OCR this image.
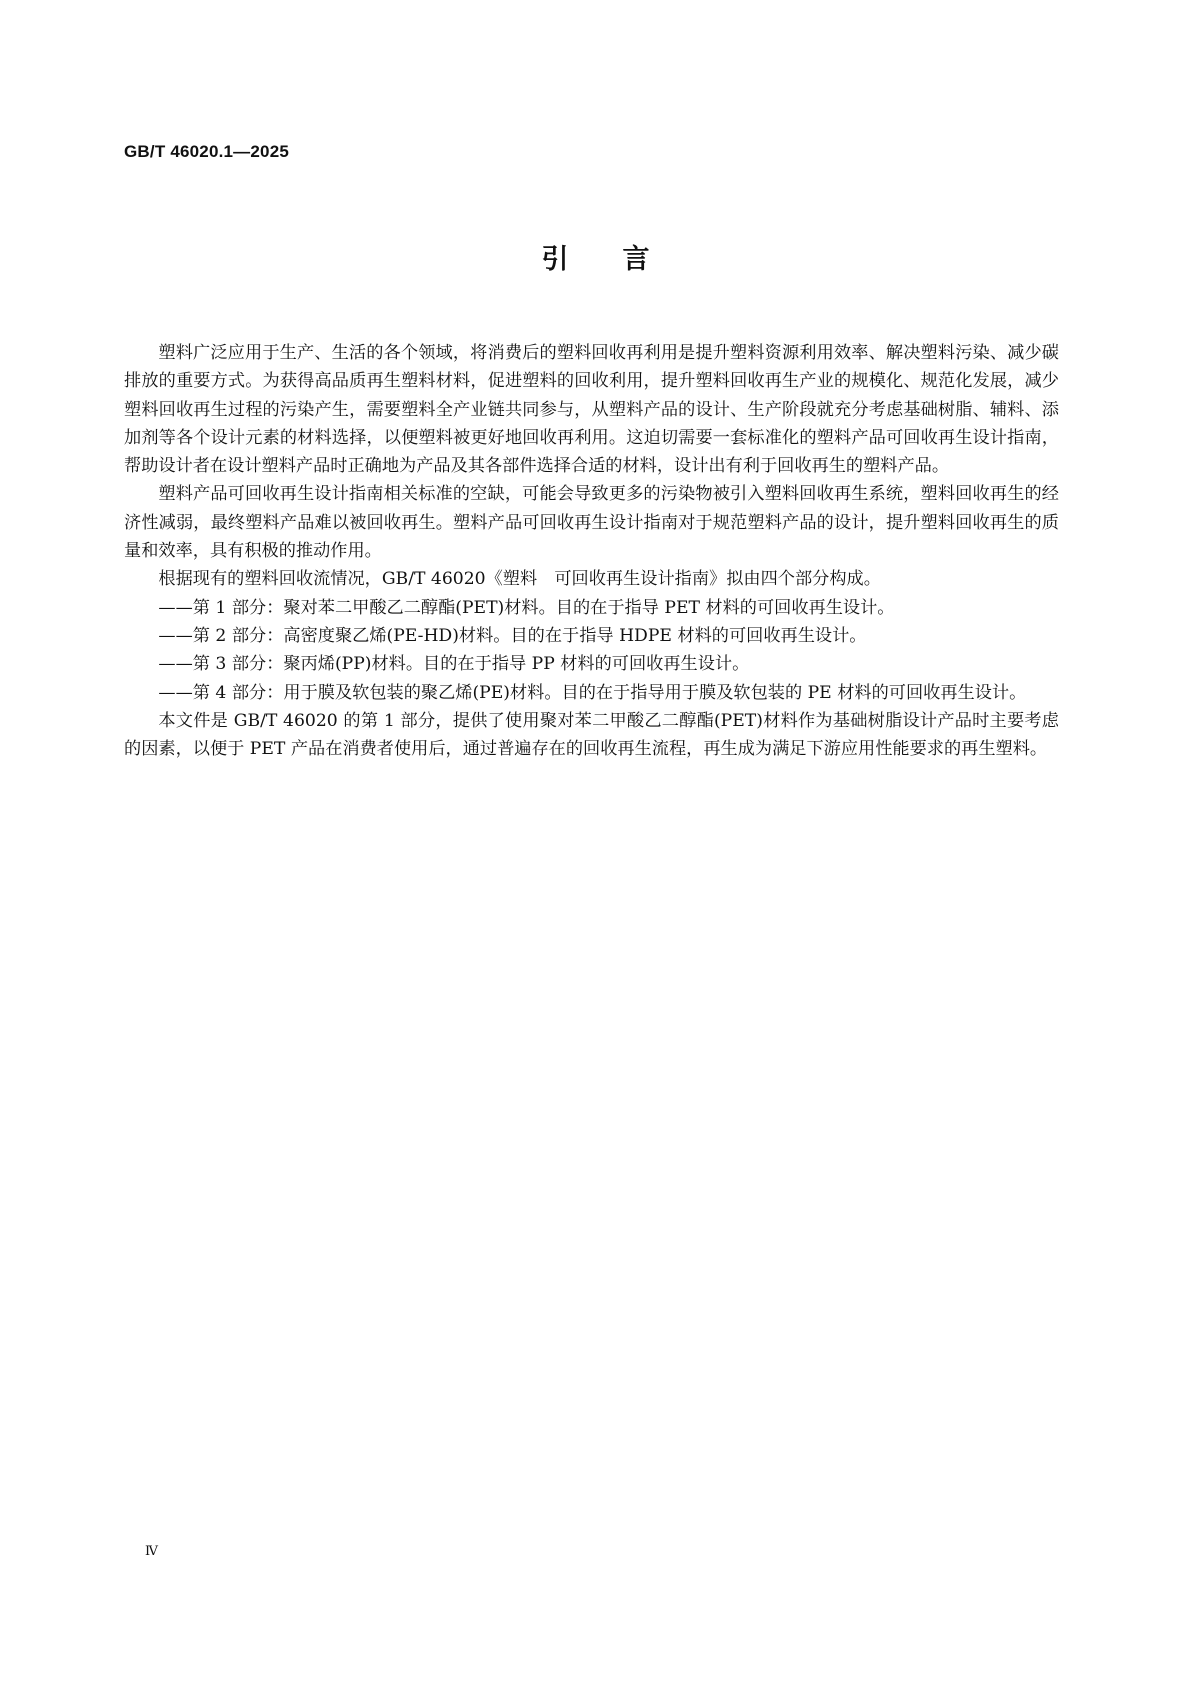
GB/T 46020.1—2025
引 言

塑料广泛应用于生产、生活的各个领域，将消费后的塑料回收再利用是提升塑料资源利用效率、解决塑料污染、减少碳排放的重要方式。为获得高品质再生塑料材料，促进塑料的回收利用，提升塑料回收再生产业的规模化、规范化发展，减少塑料回收再生过程的污染产生，需要塑料全产业链共同参与，从塑料产品的设计、生产阶段就充分考虑基础树脂、辅料、添加剂等各个设计元素的材料选择，以便塑料被更好地回收再利用。这迫切需要一套标准化的塑料产品可回收再生设计指南，帮助设计者在设计塑料产品时正确地为产品及其各部件选择合适的材料，设计出有利于回收再生的塑料产品。

塑料产品可回收再生设计指南相关标准的空缺，可能会导致更多的污染物被引入塑料回收再生系统，塑料回收再生的经济性减弱，最终塑料产品难以被回收再生。塑料产品可回收再生设计指南对于规范塑料产品的设计，提升塑料回收再生的质量和效率，具有积极的推动作用。

根据现有的塑料回收流情况，GB/T 46020《塑料　可回收再生设计指南》拟由四个部分构成。

—— 第 1 部分：聚对苯二甲酸乙二醇酯(PET)材料。目的在于指导 PET 材料的可回收再生设计。
—— 第 2 部分：高密度聚乙烯(PE-HD)材料。目的在于指导 HDPE 材料的可回收再生设计。
—— 第 3 部分：聚丙烯(PP)材料。目的在于指导 PP 材料的可回收再生设计。
—— 第 4 部分：用于膜及软包装的聚乙烯(PE)材料。目的在于指导用于膜及软包装的 PE 材料的可回收再生设计。

本文件是 GB/T 46020 的第 1 部分，提供了使用聚对苯二甲酸乙二醇酯(PET)材料作为基础树脂设计产品时主要考虑的因素，以便于 PET 产品在消费者使用后，通过普遍存在的回收再生流程，再生成为满足下游应用性能要求的再生塑料。

Ⅳ
